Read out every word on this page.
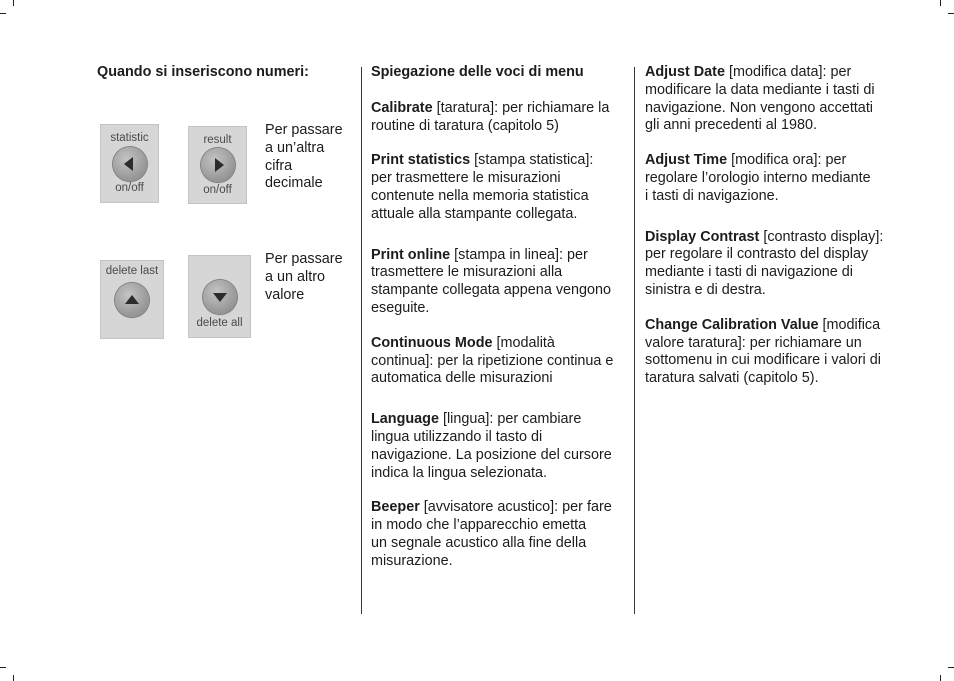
Quando si inseriscono numeri:
statistic
on/off
result
on/off
Per passare
a un’altra
cifra
decimale
delete last
delete all
Per passare
a un altro
valore

Spiegazione delle voci di menu

Calibrate [taratura]: per richiamare la
routine di taratura (capitolo 5)
Print statistics [stampa statistica]:
per trasmettere le misurazioni
contenute nella memoria statistica
attuale alla stampante collegata.
Print online [stampa in linea]: per
trasmettere le misurazioni alla
stampante collegata appena vengono
eseguite.
Continuous Mode [modalità
continua]: per la ripetizione continua e
automatica delle misurazioni
Language [lingua]: per cambiare
lingua utilizzando il tasto di
navigazione. La posizione del cursore
indica la lingua selezionata.
Beeper [avvisatore acustico]: per fare
in modo che l’apparecchio emetta
un segnale acustico alla fine della
misurazione.
Adjust Date [modifica data]: per
modificare la data mediante i tasti di
navigazione. Non vengono accettati
gli anni precedenti al 1980.
Adjust Time [modifica ora]: per
regolare l’orologio interno mediante
i tasti di navigazione.
Display Contrast [contrasto display]:
per regolare il contrasto del display
mediante i tasti di navigazione di
sinistra e di destra.
Change Calibration Value [modifica
valore taratura]: per richiamare un
sottomenu in cui modificare i valori di
taratura salvati (capitolo 5).
